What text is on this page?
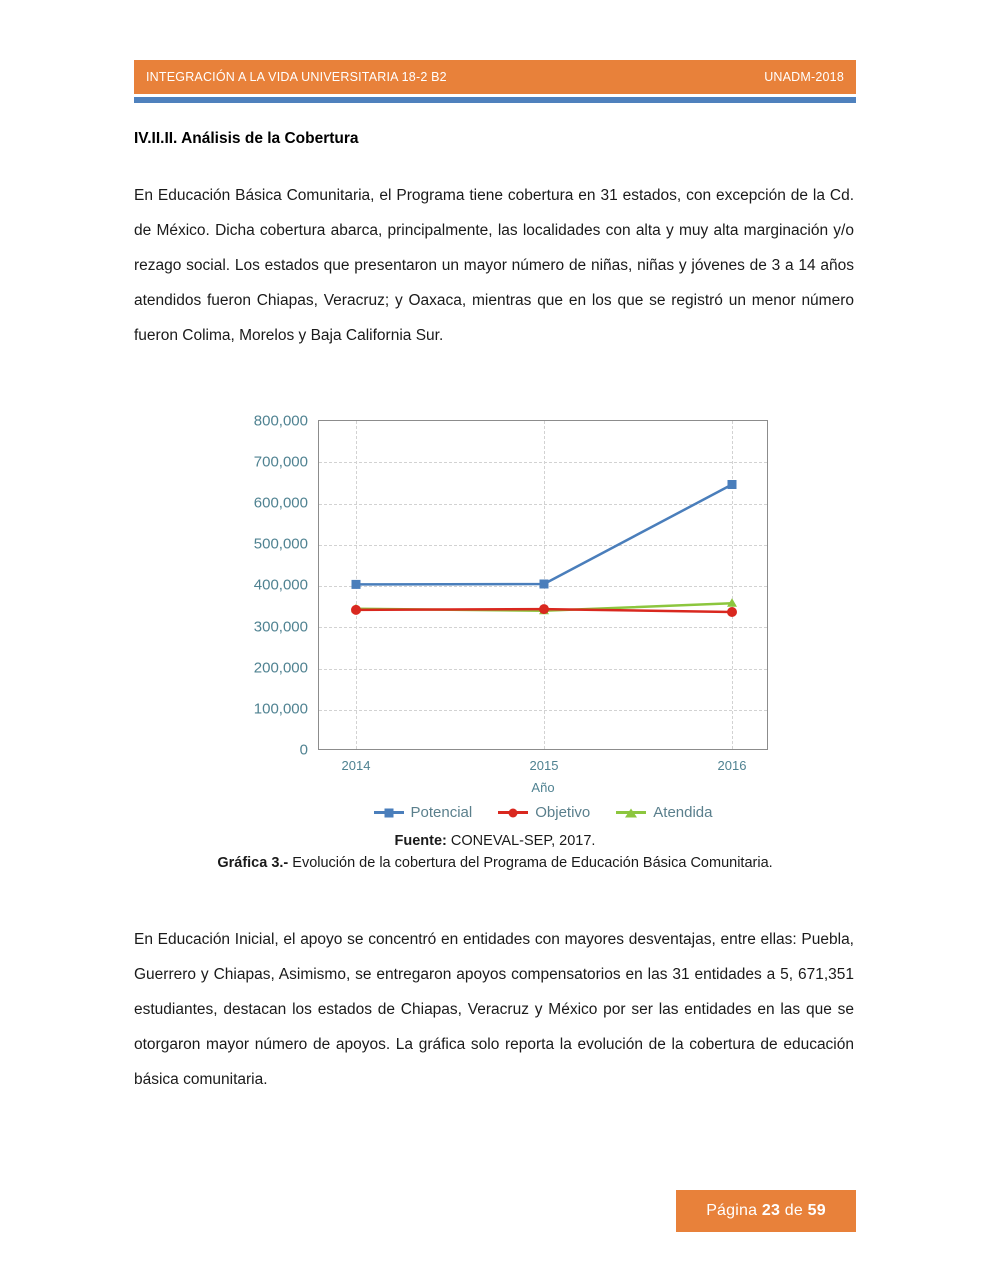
INTEGRACIÓN A LA VIDA UNIVERSITARIA 18-2 B2	UNADM-2018
IV.II.II. Análisis de la Cobertura
En Educación Básica Comunitaria, el Programa tiene cobertura en 31 estados, con excepción de la Cd. de México. Dicha cobertura abarca, principalmente, las localidades con alta y muy alta marginación y/o rezago social. Los estados que presentaron un mayor número de niñas, niñas y jóvenes de 3 a 14 años atendidos fueron Chiapas, Veracruz; y Oaxaca, mientras que en los que se registró un menor número fueron Colima, Morelos y Baja California Sur.
0
100,000
200,000
300,000
400,000
500,000
600,000
700,000
800,000
2014	2015	2016
Año
Potencial	Objetivo	Atendida
Fuente: CONEVAL-SEP, 2017.
Gráfica 3.- Evolución de la cobertura del Programa de Educación Básica Comunitaria.
En Educación Inicial, el apoyo se concentró en entidades con mayores desventajas, entre ellas: Puebla, Guerrero y Chiapas, Asimismo, se entregaron apoyos compensatorios en las 31 entidades a 5, 671,351 estudiantes, destacan los estados de Chiapas, Veracruz y México por ser las entidades en las que se otorgaron mayor número de apoyos. La gráfica solo reporta la evolución de la cobertura de educación básica comunitaria.
Página
23
de
59
